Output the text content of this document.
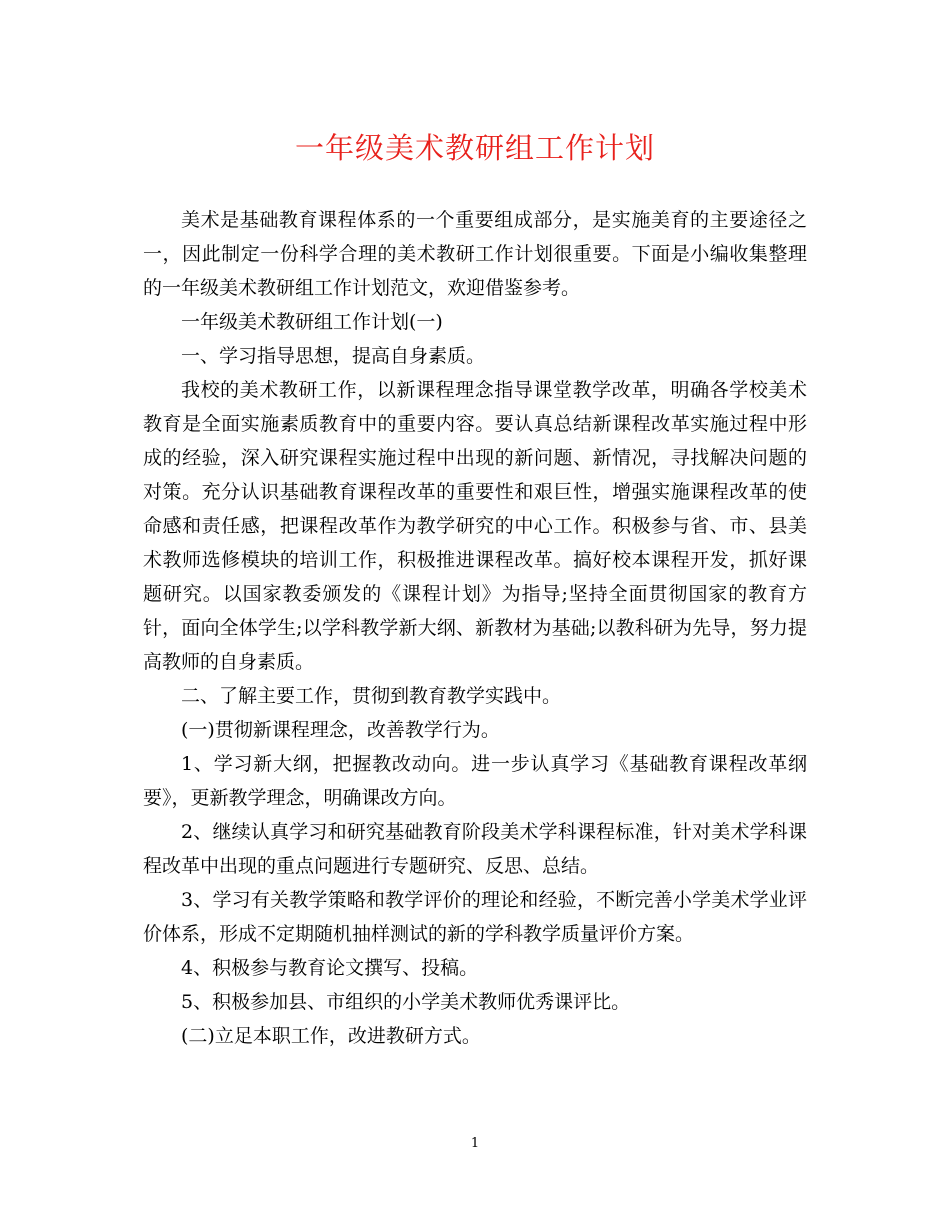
一年级美术教研组工作计划

美术是基础教育课程体系的一个重要组成部分，是实施美育的主要途径之一，因此制定一份科学合理的美术教研工作计划很重要。下面是小编收集整理的一年级美术教研组工作计划范文，欢迎借鉴参考。

一年级美术教研组工作计划(一)

一、学习指导思想，提高自身素质。

我校的美术教研工作，以新课程理念指导课堂教学改革，明确各学校美术教育是全面实施素质教育中的重要内容。要认真总结新课程改革实施过程中形成的经验，深入研究课程实施过程中出现的新问题、新情况，寻找解决问题的对策。充分认识基础教育课程改革的重要性和艰巨性，增强实施课程改革的使命感和责任感，把课程改革作为教学研究的中心工作。积极参与省、市、县美术教师选修模块的培训工作，积极推进课程改革。搞好校本课程开发，抓好课题研究。以国家教委颁发的《课程计划》为指导;坚持全面贯彻国家的教育方针，面向全体学生;以学科教学新大纲、新教材为基础;以教科研为先导，努力提高教师的自身素质。

二、了解主要工作，贯彻到教育教学实践中。

(一)贯彻新课程理念，改善教学行为。

1、学习新大纲，把握教改动向。进一步认真学习《基础教育课程改革纲要》，更新教学理念，明确课改方向。

2、继续认真学习和研究基础教育阶段美术学科课程标准，针对美术学科课程改革中出现的重点问题进行专题研究、反思、总结。

3、学习有关教学策略和教学评价的理论和经验，不断完善小学美术学业评价体系，形成不定期随机抽样测试的新的学科教学质量评价方案。

4、积极参与教育论文撰写、投稿。

5、积极参加县、市组织的小学美术教师优秀课评比。

(二)立足本职工作，改进教研方式。

1
